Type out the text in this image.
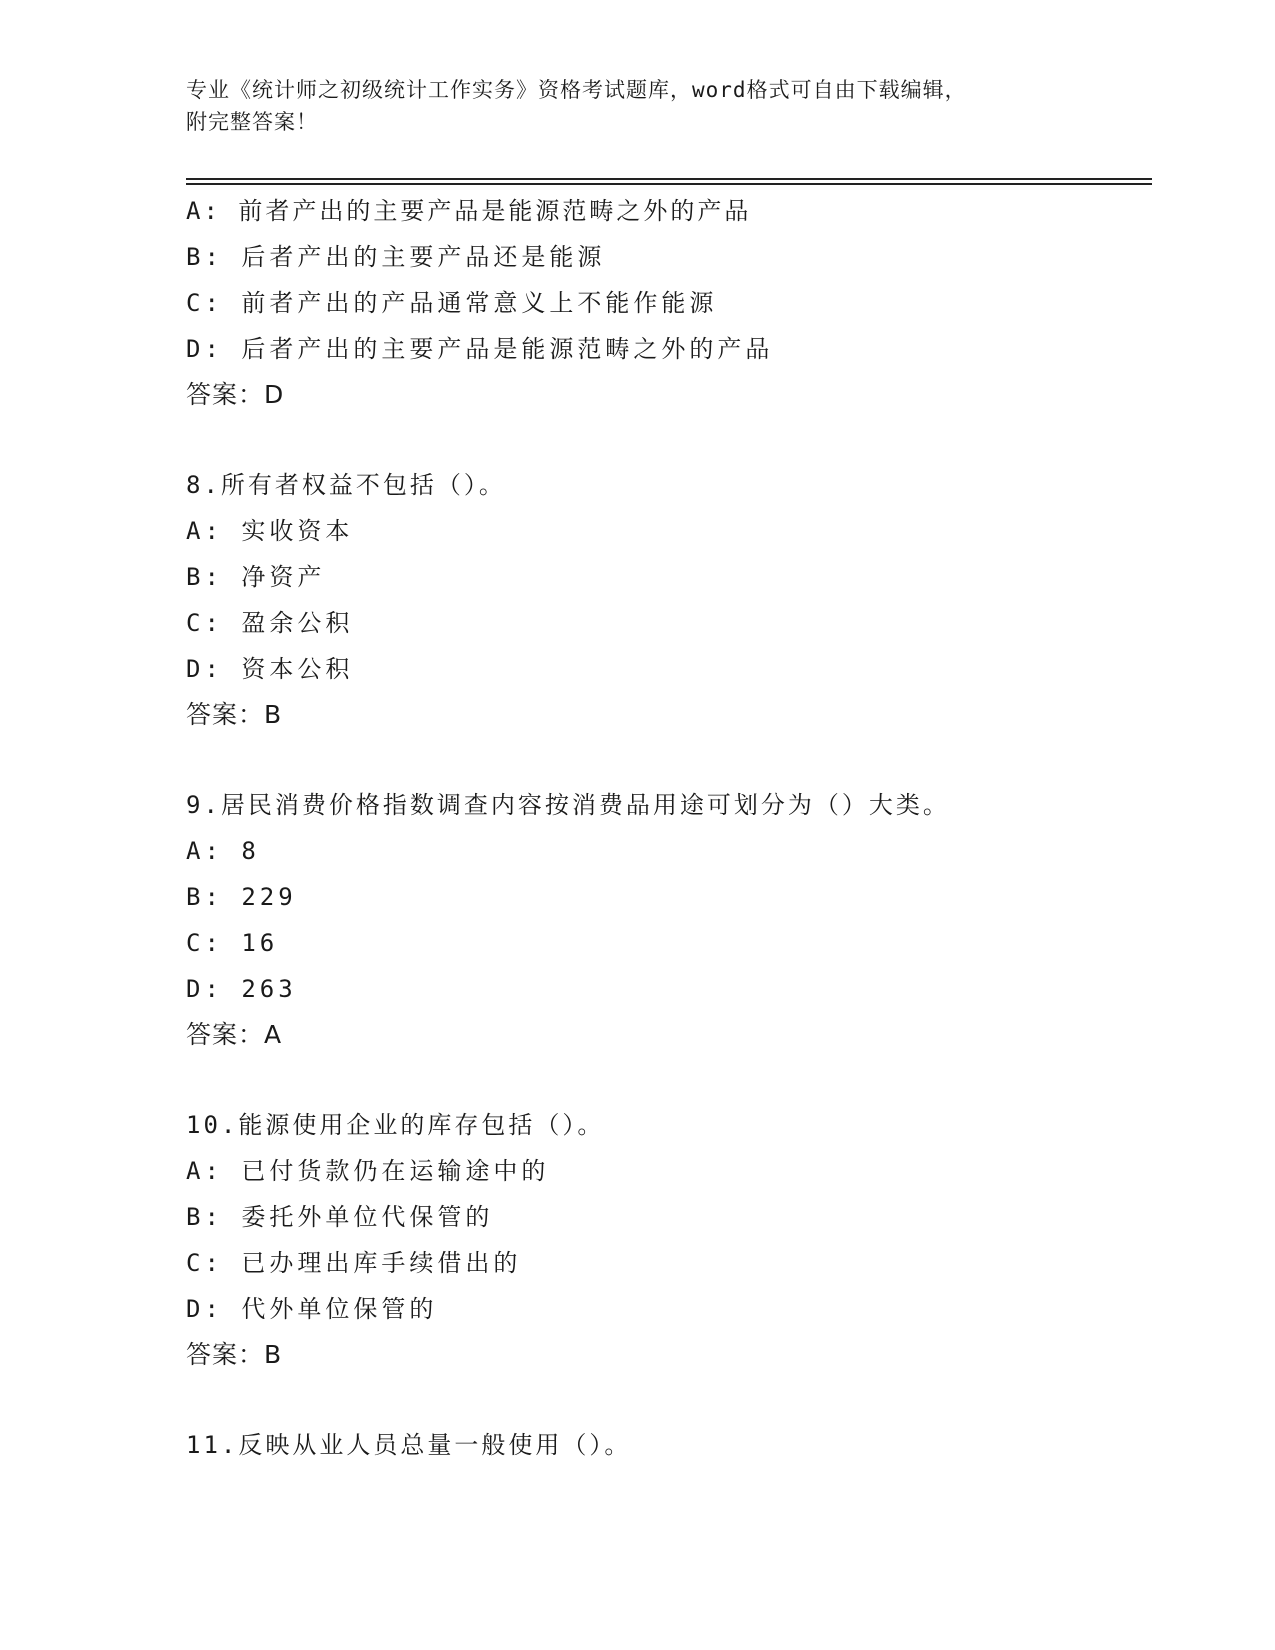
专业《统计师之初级统计工作实务》资格考试题库，word格式可自由下载编辑，
附完整答案！
A: 前者产出的主要产品是能源范畴之外的产品
B: 后者产出的主要产品还是能源
C: 前者产出的产品通常意义上不能作能源
D: 后者产出的主要产品是能源范畴之外的产品
答案：D
8.所有者权益不包括（）。
A: 实收资本
B: 净资产
C: 盈余公积
D: 资本公积
答案：B
9.居民消费价格指数调查内容按消费品用途可划分为（）大类。
A: 8
B: 229
C: 16
D: 263
答案：A
10.能源使用企业的库存包括（）。
A: 已付货款仍在运输途中的
B: 委托外单位代保管的
C: 已办理出库手续借出的
D: 代外单位保管的
答案：B
11.反映从业人员总量一般使用（）。
